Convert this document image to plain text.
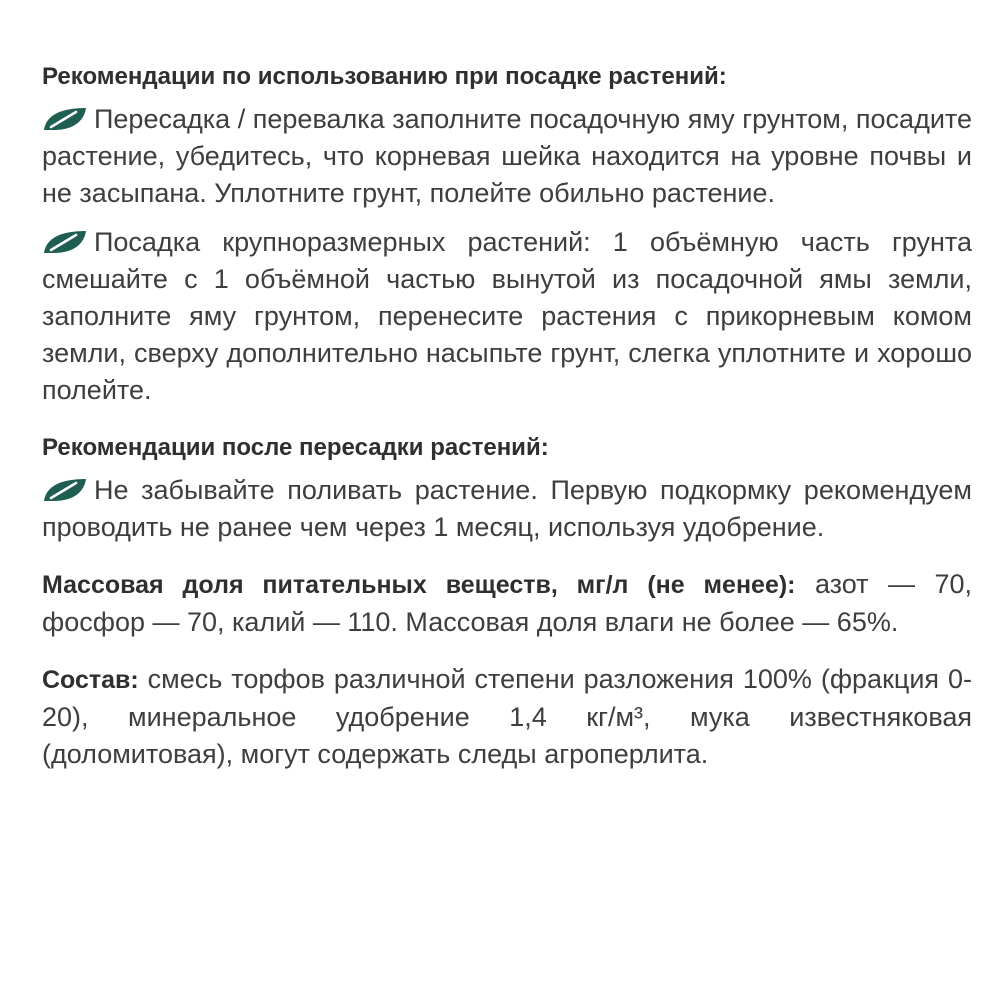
Рекомендации по использованию при посадке растений:

Пересадка / перевалка заполните посадочную яму грунтом, посадите растение, убедитесь, что корневая шейка находится на уровне почвы и не засыпана. Уплотните грунт, полейте обильно растение.

Посадка крупноразмерных растений: 1 объёмную часть грунта смешайте с 1 объёмной частью вынутой из посадочной ямы земли, заполните яму грунтом, перенесите растения с прикорневым комом земли, сверху дополнительно насыпьте грунт, слегка уплотните и хорошо полейте.

Рекомендации после пересадки растений:

Не забывайте поливать растение. Первую подкормку рекомендуем проводить не ранее чем через 1 месяц, используя удобрение.

Массовая доля питательных веществ, мг/л (не менее): азот — 70, фосфор — 70, калий — 110. Массовая доля влаги не более — 65%.

Состав: смесь торфов различной степени разложения 100% (фракция 0-20), минеральное удобрение 1,4 кг/м³, мука известняковая (доломитовая), могут содержать следы агроперлита.
